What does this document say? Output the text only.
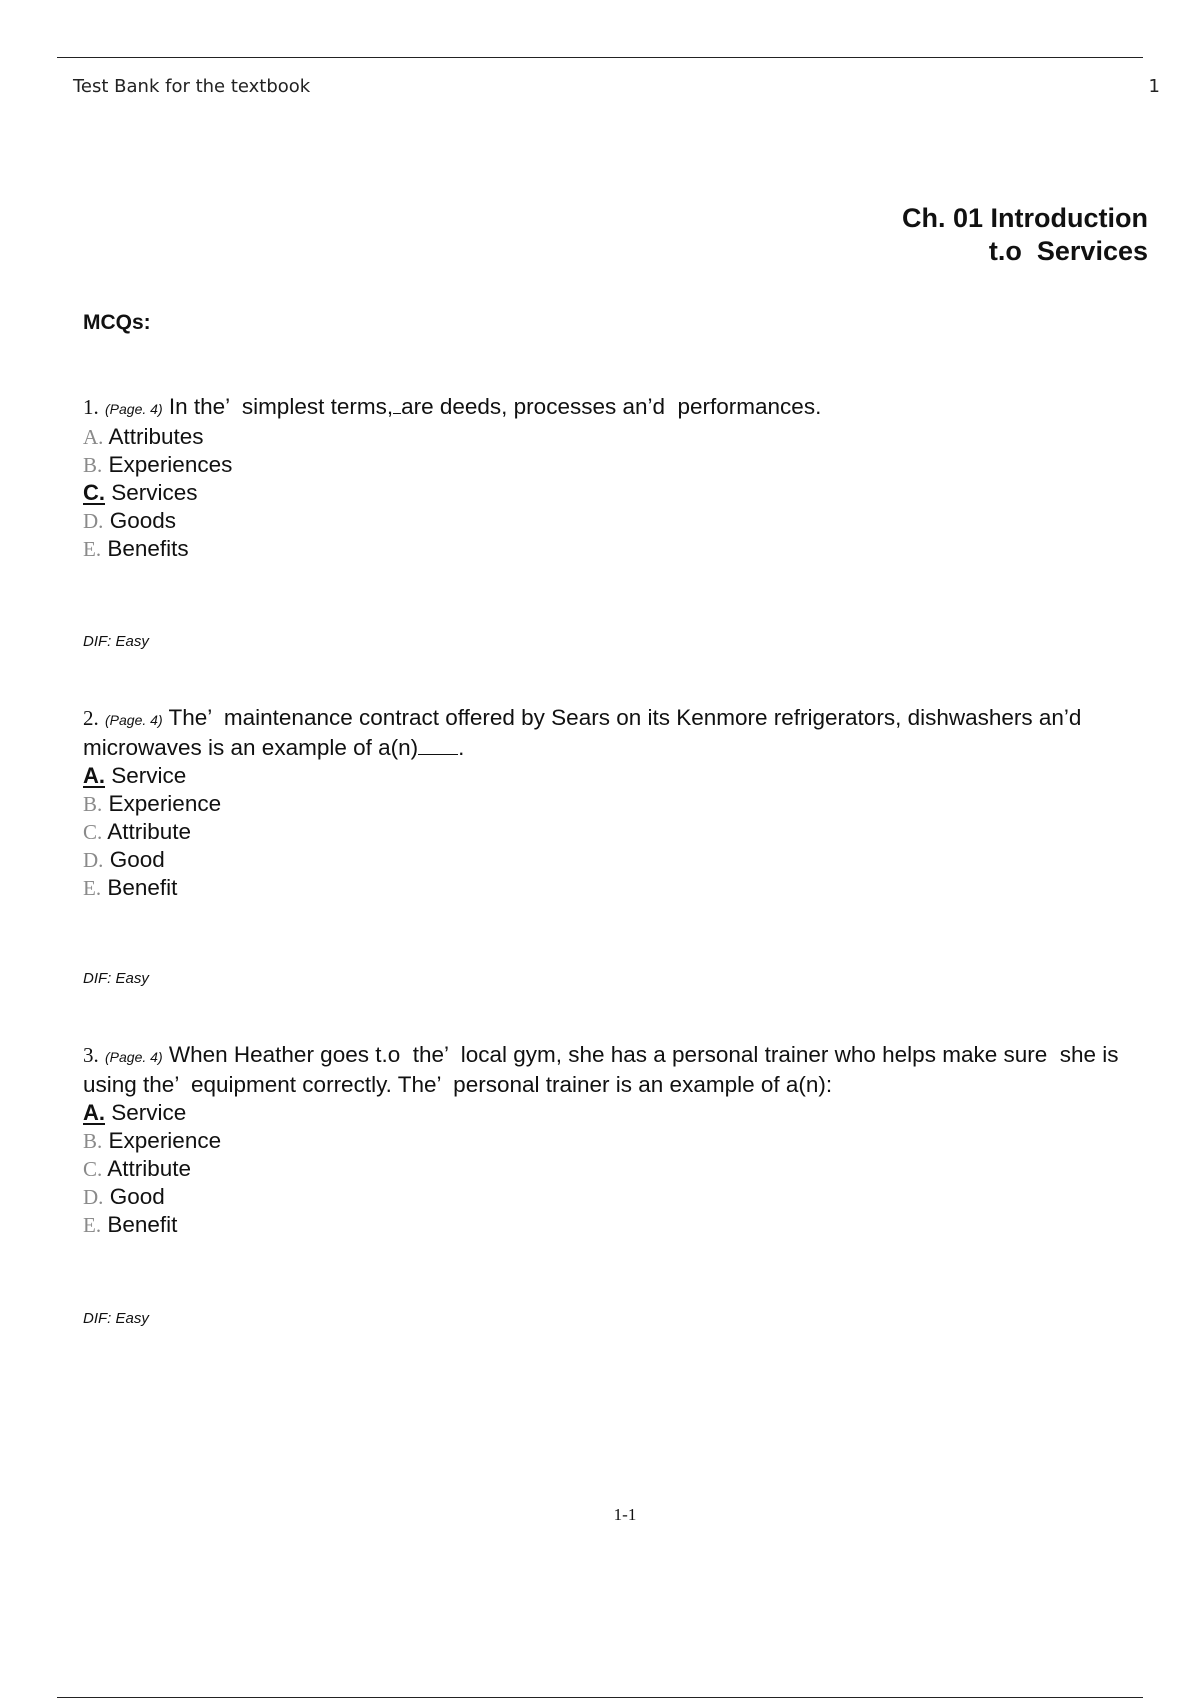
Test Bank for the textbook	1
Ch. 01 Introduction
t.o  Services
MCQs:
1. (Page. 4) In the’  simplest terms, are deeds, processes an’d  performances.
A. Attributes
B. Experiences
C. Services
D. Goods
E. Benefits
DIF: Easy
2. (Page. 4) The’  maintenance contract offered by Sears on its Kenmore refrigerators, dishwashers an’d  microwaves is an example of a(n) .
A. Service
B. Experience
C. Attribute
D. Good
E. Benefit
DIF: Easy
3. (Page. 4) When Heather goes t.o  the’  local gym, she has a personal trainer who helps make sure  she is using the’  equipment correctly. The’  personal trainer is an example of a(n):
A. Service
B. Experience
C. Attribute
D. Good
E. Benefit
DIF: Easy
1-1
